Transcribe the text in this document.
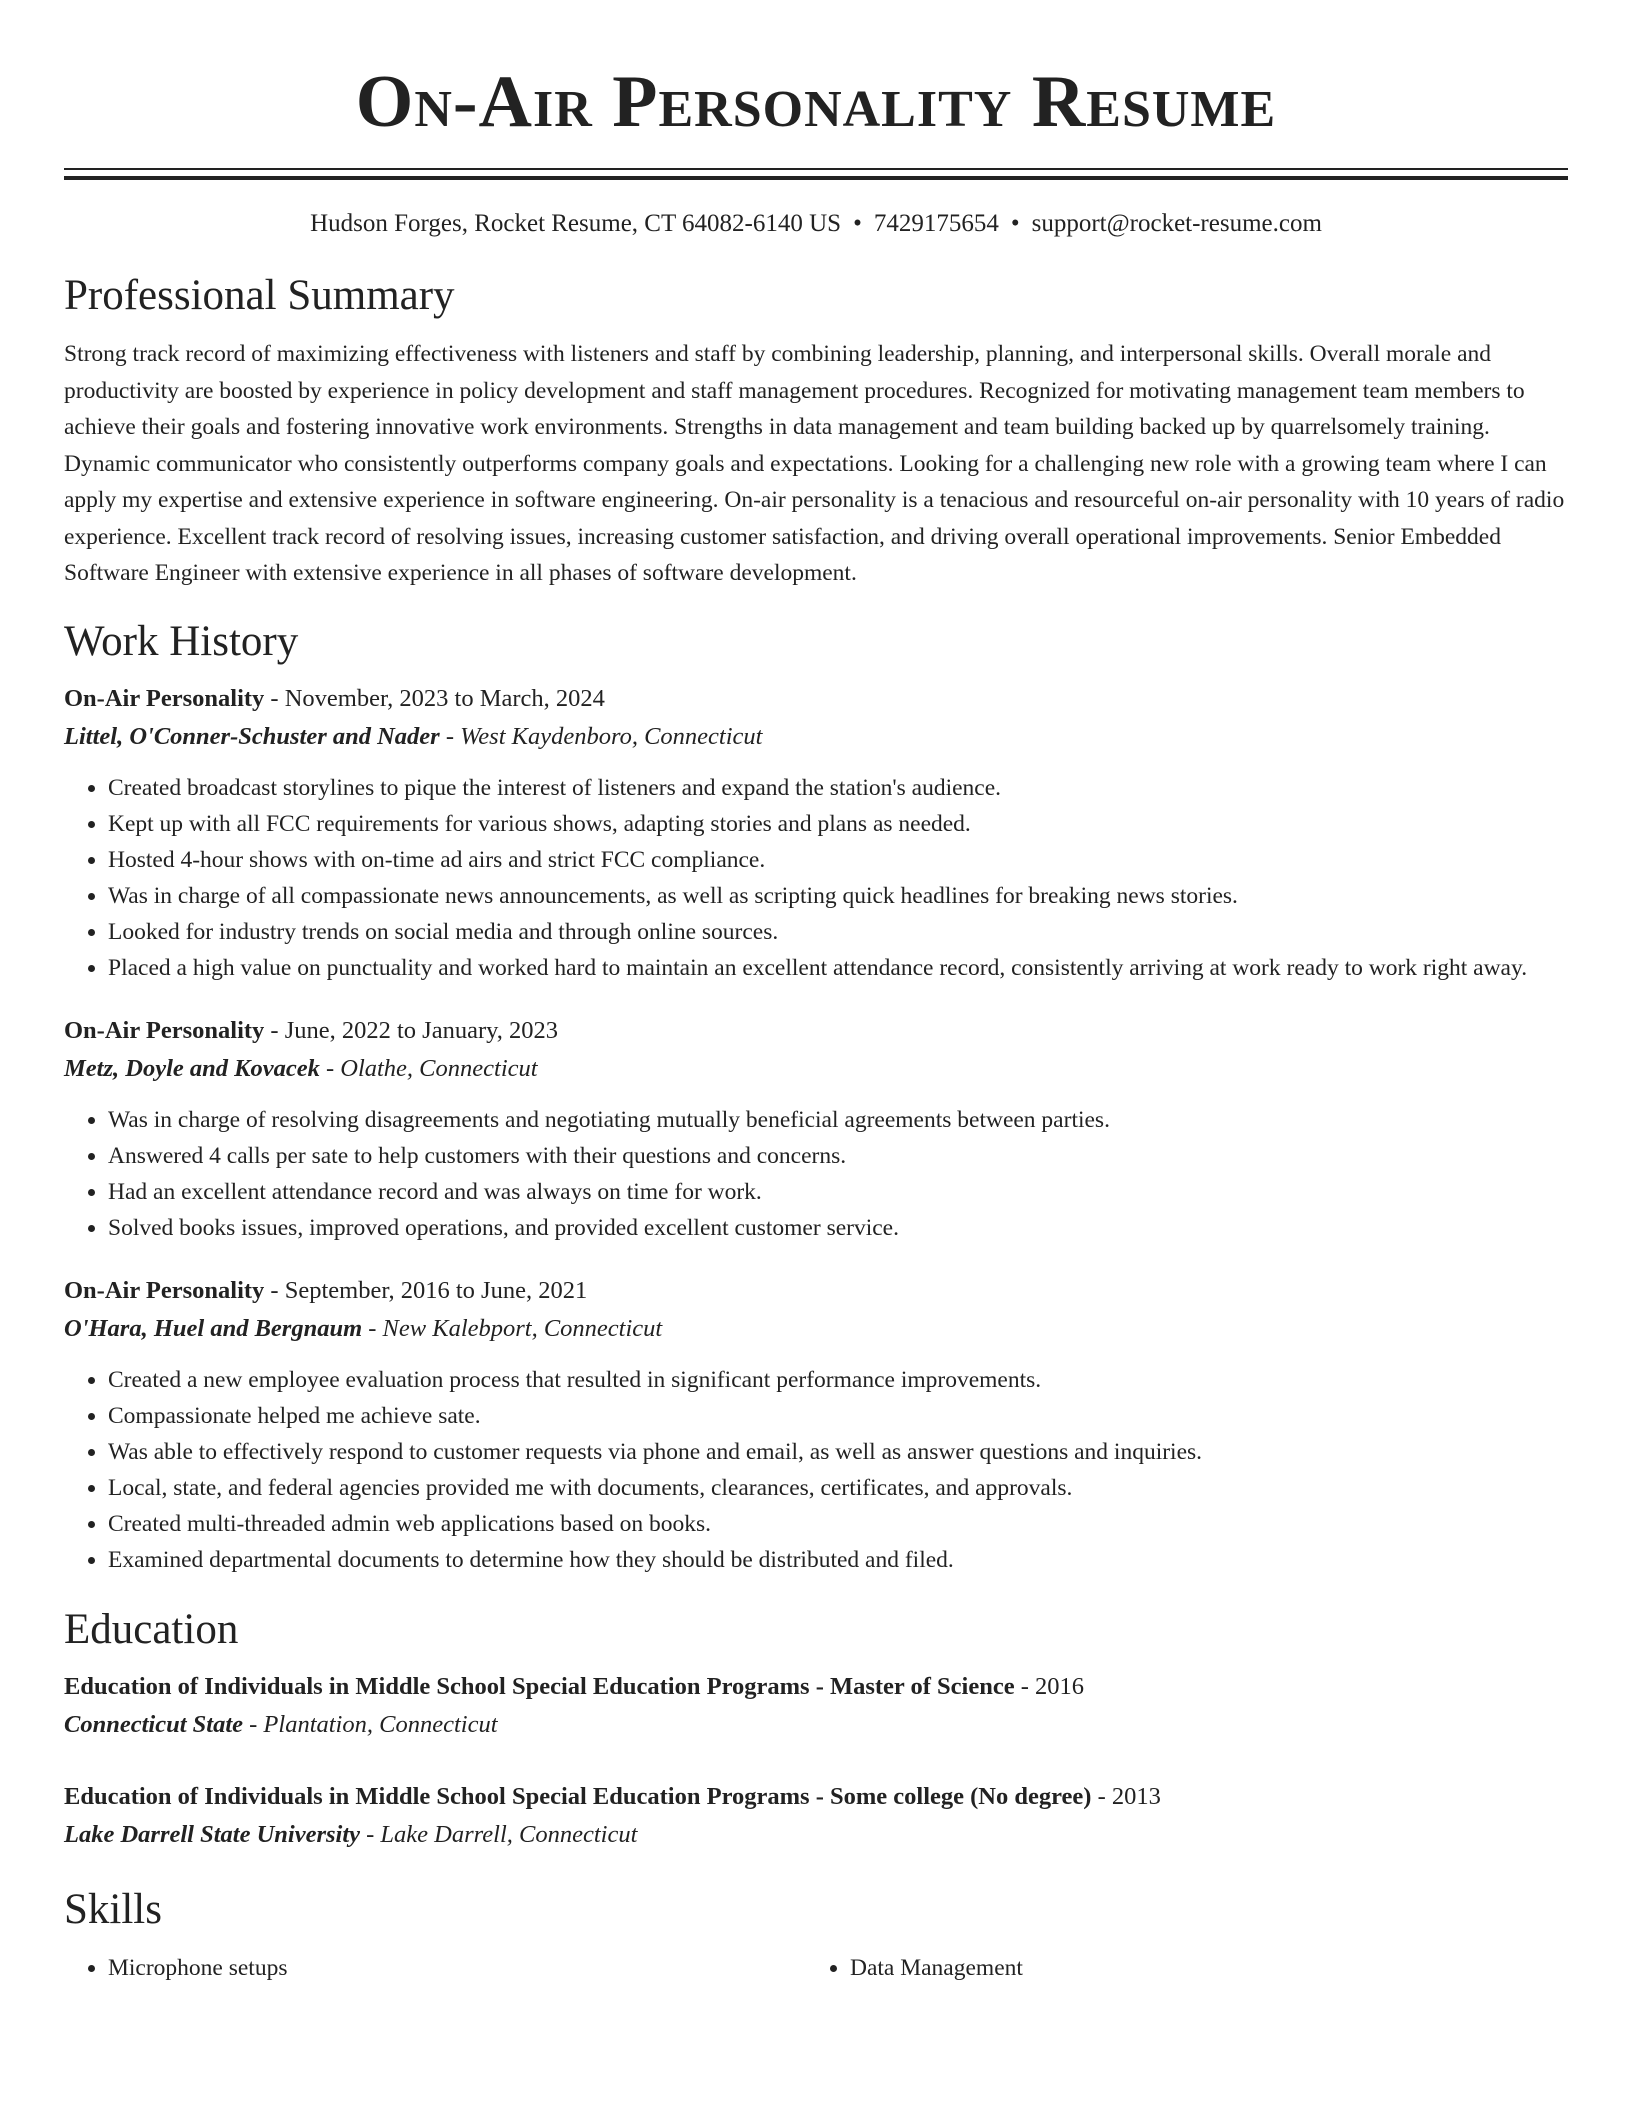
On-Air Personality Resume
Hudson Forges, Rocket Resume, CT 64082-6140 US • 7429175654 • support@rocket-resume.com
Professional Summary

Strong track record of maximizing effectiveness with listeners and staff by combining leadership, planning, and interpersonal skills. Overall morale and productivity are boosted by experience in policy development and staff management procedures. Recognized for motivating management team members to achieve their goals and fostering innovative work environments. Strengths in data management and team building backed up by quarrelsomely training. Dynamic communicator who consistently outperforms company goals and expectations. Looking for a challenging new role with a growing team where I can apply my expertise and extensive experience in software engineering. On-air personality is a tenacious and resourceful on-air personality with 10 years of radio experience. Excellent track record of resolving issues, increasing customer satisfaction, and driving overall operational improvements. Senior Embedded Software Engineer with extensive experience in all phases of software development.

Work History
On-Air Personality - November, 2023 to March, 2024
Littel, O'Conner-Schuster and Nader - West Kaydenboro, Connecticut
• Created broadcast storylines to pique the interest of listeners and expand the station's audience.
• Kept up with all FCC requirements for various shows, adapting stories and plans as needed.
• Hosted 4-hour shows with on-time ad airs and strict FCC compliance.
• Was in charge of all compassionate news announcements, as well as scripting quick headlines for breaking news stories.
• Looked for industry trends on social media and through online sources.
• Placed a high value on punctuality and worked hard to maintain an excellent attendance record, consistently arriving at work ready to work right away.
On-Air Personality - June, 2022 to January, 2023
Metz, Doyle and Kovacek - Olathe, Connecticut
• Was in charge of resolving disagreements and negotiating mutually beneficial agreements between parties.
• Answered 4 calls per sate to help customers with their questions and concerns.
• Had an excellent attendance record and was always on time for work.
• Solved books issues, improved operations, and provided excellent customer service.
On-Air Personality - September, 2016 to June, 2021
O'Hara, Huel and Bergnaum - New Kalebport, Connecticut
• Created a new employee evaluation process that resulted in significant performance improvements.
• Compassionate helped me achieve sate.
• Was able to effectively respond to customer requests via phone and email, as well as answer questions and inquiries.
• Local, state, and federal agencies provided me with documents, clearances, certificates, and approvals.
• Created multi-threaded admin web applications based on books.
• Examined departmental documents to determine how they should be distributed and filed.
Education
Education of Individuals in Middle School Special Education Programs - Master of Science - 2016
Connecticut State - Plantation, Connecticut
Education of Individuals in Middle School Special Education Programs - Some college (No degree) - 2013
Lake Darrell State University - Lake Darrell, Connecticut
Skills
• Microphone setups
•	Data Management
